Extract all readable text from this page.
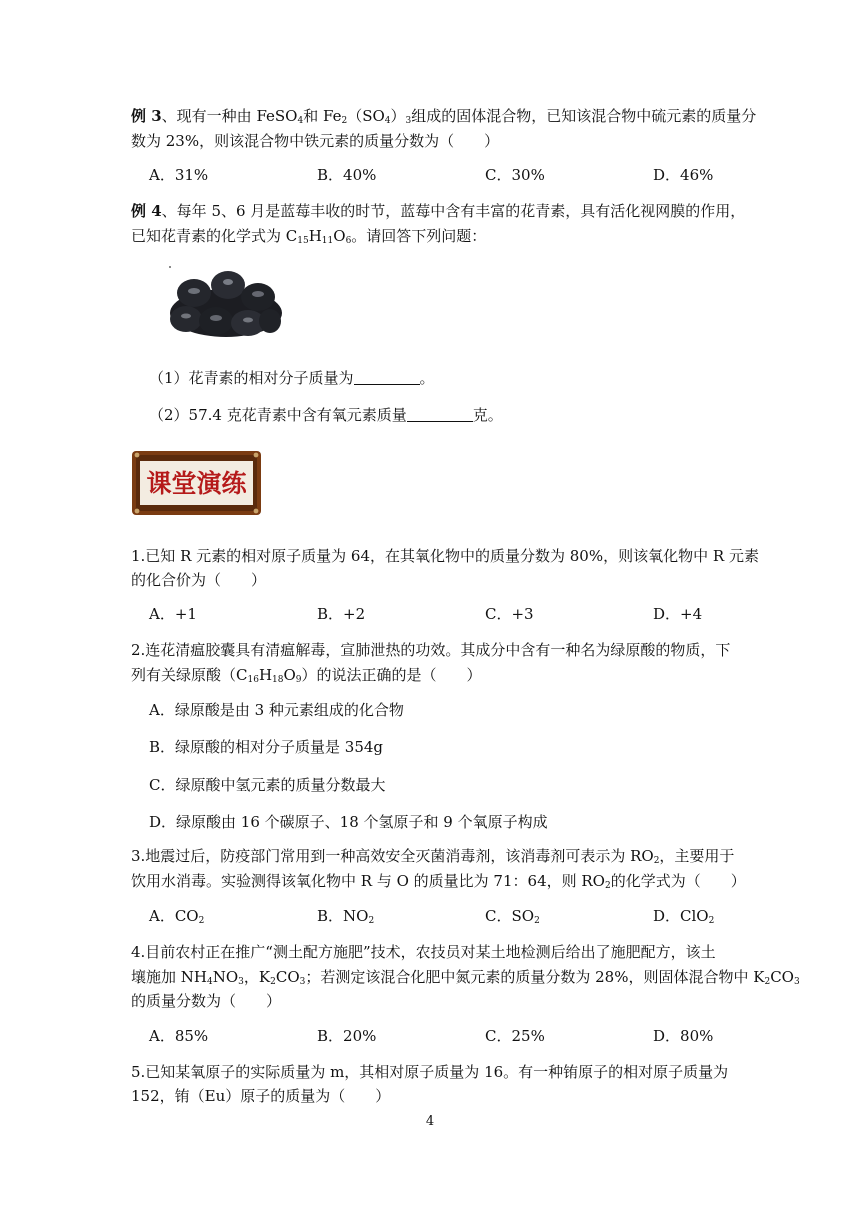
例 3、现有一种由 FeSO$_4$和 $Fe_2(SO_4)_3$组成的固体混合物，已知该混合物中硫元素的质量分
数为 23%，则该混合物中铁元素的质量分数为（　　）
A．31%	B．40%	C．30%	D．46%
例 4、每年 5、6 月是蓝莓丰收的时节，蓝莓中含有丰富的花青素，具有活化视网膜的作用，
已知花青素的化学式为 $C_{15}H_{11}O_6$。请回答下列问题：
（1）花青素的相对分子质量为	。
（2）57.4 克花青素中含有氧元素质量	克。
课堂演练
1.已知 R 元素的相对原子质量为 64，在其氧化物中的质量分数为 80%，则该氧化物中 R 元素
的化合价为（　　）
A．+1	B．+2	C．+3	D．+4
2.连花清瘟胶囊具有清瘟解毒，宣肺泄热的功效。其成分中含有一种名为绿原酸的物质，下
列有关绿原酸$(C_{16}H_{18}O_9)$的说法正确的是（　　）
A．绿原酸是由 3 种元素组成的化合物
B．绿原酸的相对分子质量是 354g
C．绿原酸中氢元素的质量分数最大
D．绿原酸由 16 个碳原子、18 个氢原子和 9 个氧原子构成
3.地震过后，防疫部门常用到一种高效安全灭菌消毒剂，该消毒剂可表示为 $RO_2$，主要用于
饮用水消毒。实验测得该氧化物中 R 与 O 的质量比为 71：64，则 $RO_2$的化学式为（　　）
A．$CO_2$	B．$NO_2$	C．$SO_2$	D．ClO$_2$
4.目前农村正在推广“测土配方施肥”技术，农技员对某土地检测后给出了施肥配方，该土
壤施加 $NH_4NO_3$，$K_2CO_3$；若测定该混合化肥中氮元素的质量分数为 28%，则固体混合物中 $K_2CO_3$
的质量分数为（　　）
A．85%	B．20%	C．25%	D．80%
5.已知某氧原子的实际质量为 m，其相对原子质量为 16。有一种铕原子的相对原子质量为
152，铕（Eu）原子的质量为（　　）
4
